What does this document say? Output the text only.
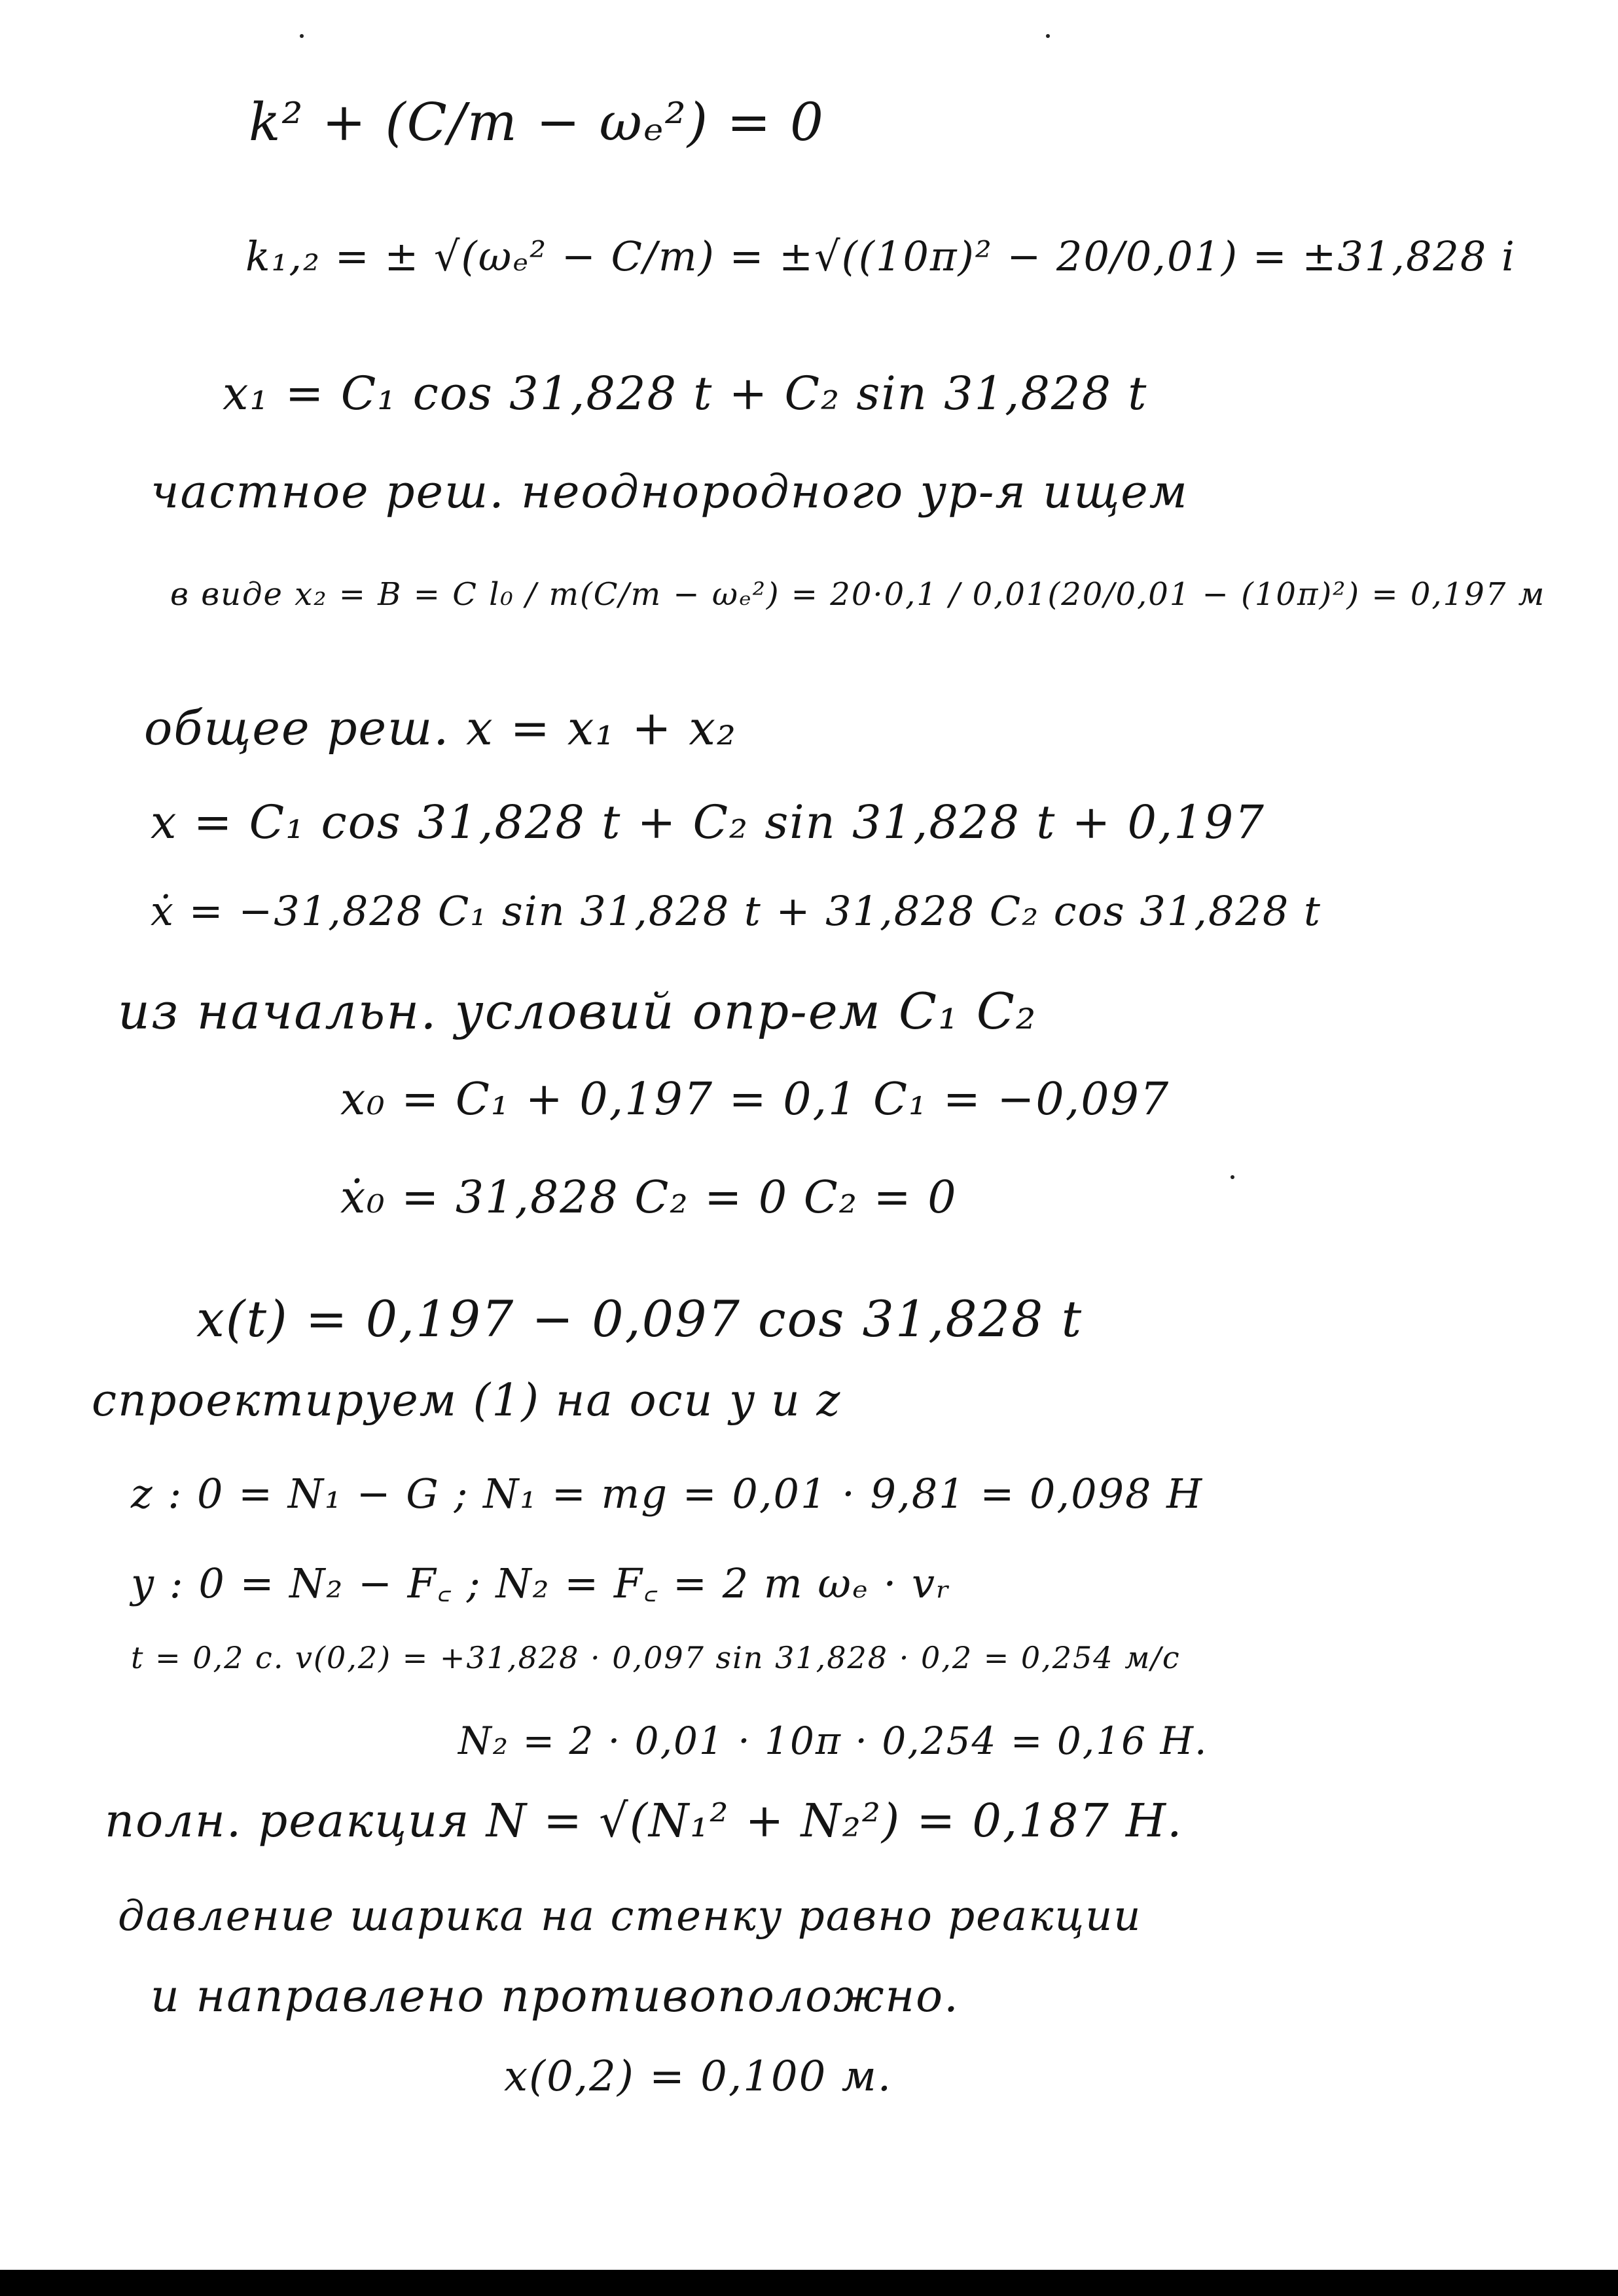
k² + (C/m − ωₑ²) = 0
k₁,₂ = ± √(ωₑ² − C/m) = ±√((10π)² − 20/0,01) = ±31,828 i
x₁ = C₁ cos 31,828 t + C₂ sin 31,828 t
частное реш. неоднородного ур-я ищем
в виде x₂ = B = C l₀ / m(C/m − ωₑ²) = 20·0,1 / 0,01(20/0,01 − (10π)²) = 0,197 м
общее реш. x = x₁ + x₂
x = C₁ cos 31,828 t + C₂ sin 31,828 t + 0,197
ẋ = −31,828 C₁ sin 31,828 t + 31,828 C₂ cos 31,828 t
из начальн. условий опр-ем C₁ C₂
x₀ = C₁ + 0,197 = 0,1 C₁ = −0,097
ẋ₀ = 31,828 C₂ = 0 C₂ = 0
x(t) = 0,197 − 0,097 cos 31,828 t
спроектируем (1) на оси y и z
z : 0 = N₁ − G ; N₁ = mg = 0,01 · 9,81 = 0,098 Н
y : 0 = N₂ − F꜀ ; N₂ = F꜀ = 2 m ωₑ · vᵣ
t = 0,2 c. v(0,2) = +31,828 · 0,097 sin 31,828 · 0,2 = 0,254 м/с
N₂ = 2 · 0,01 · 10π · 0,254 = 0,16 Н.
полн. реакция N = √(N₁² + N₂²) = 0,187 Н.
давление шарика на стенку равно реакции
и направлено противоположно.
x(0,2) = 0,100 м.
